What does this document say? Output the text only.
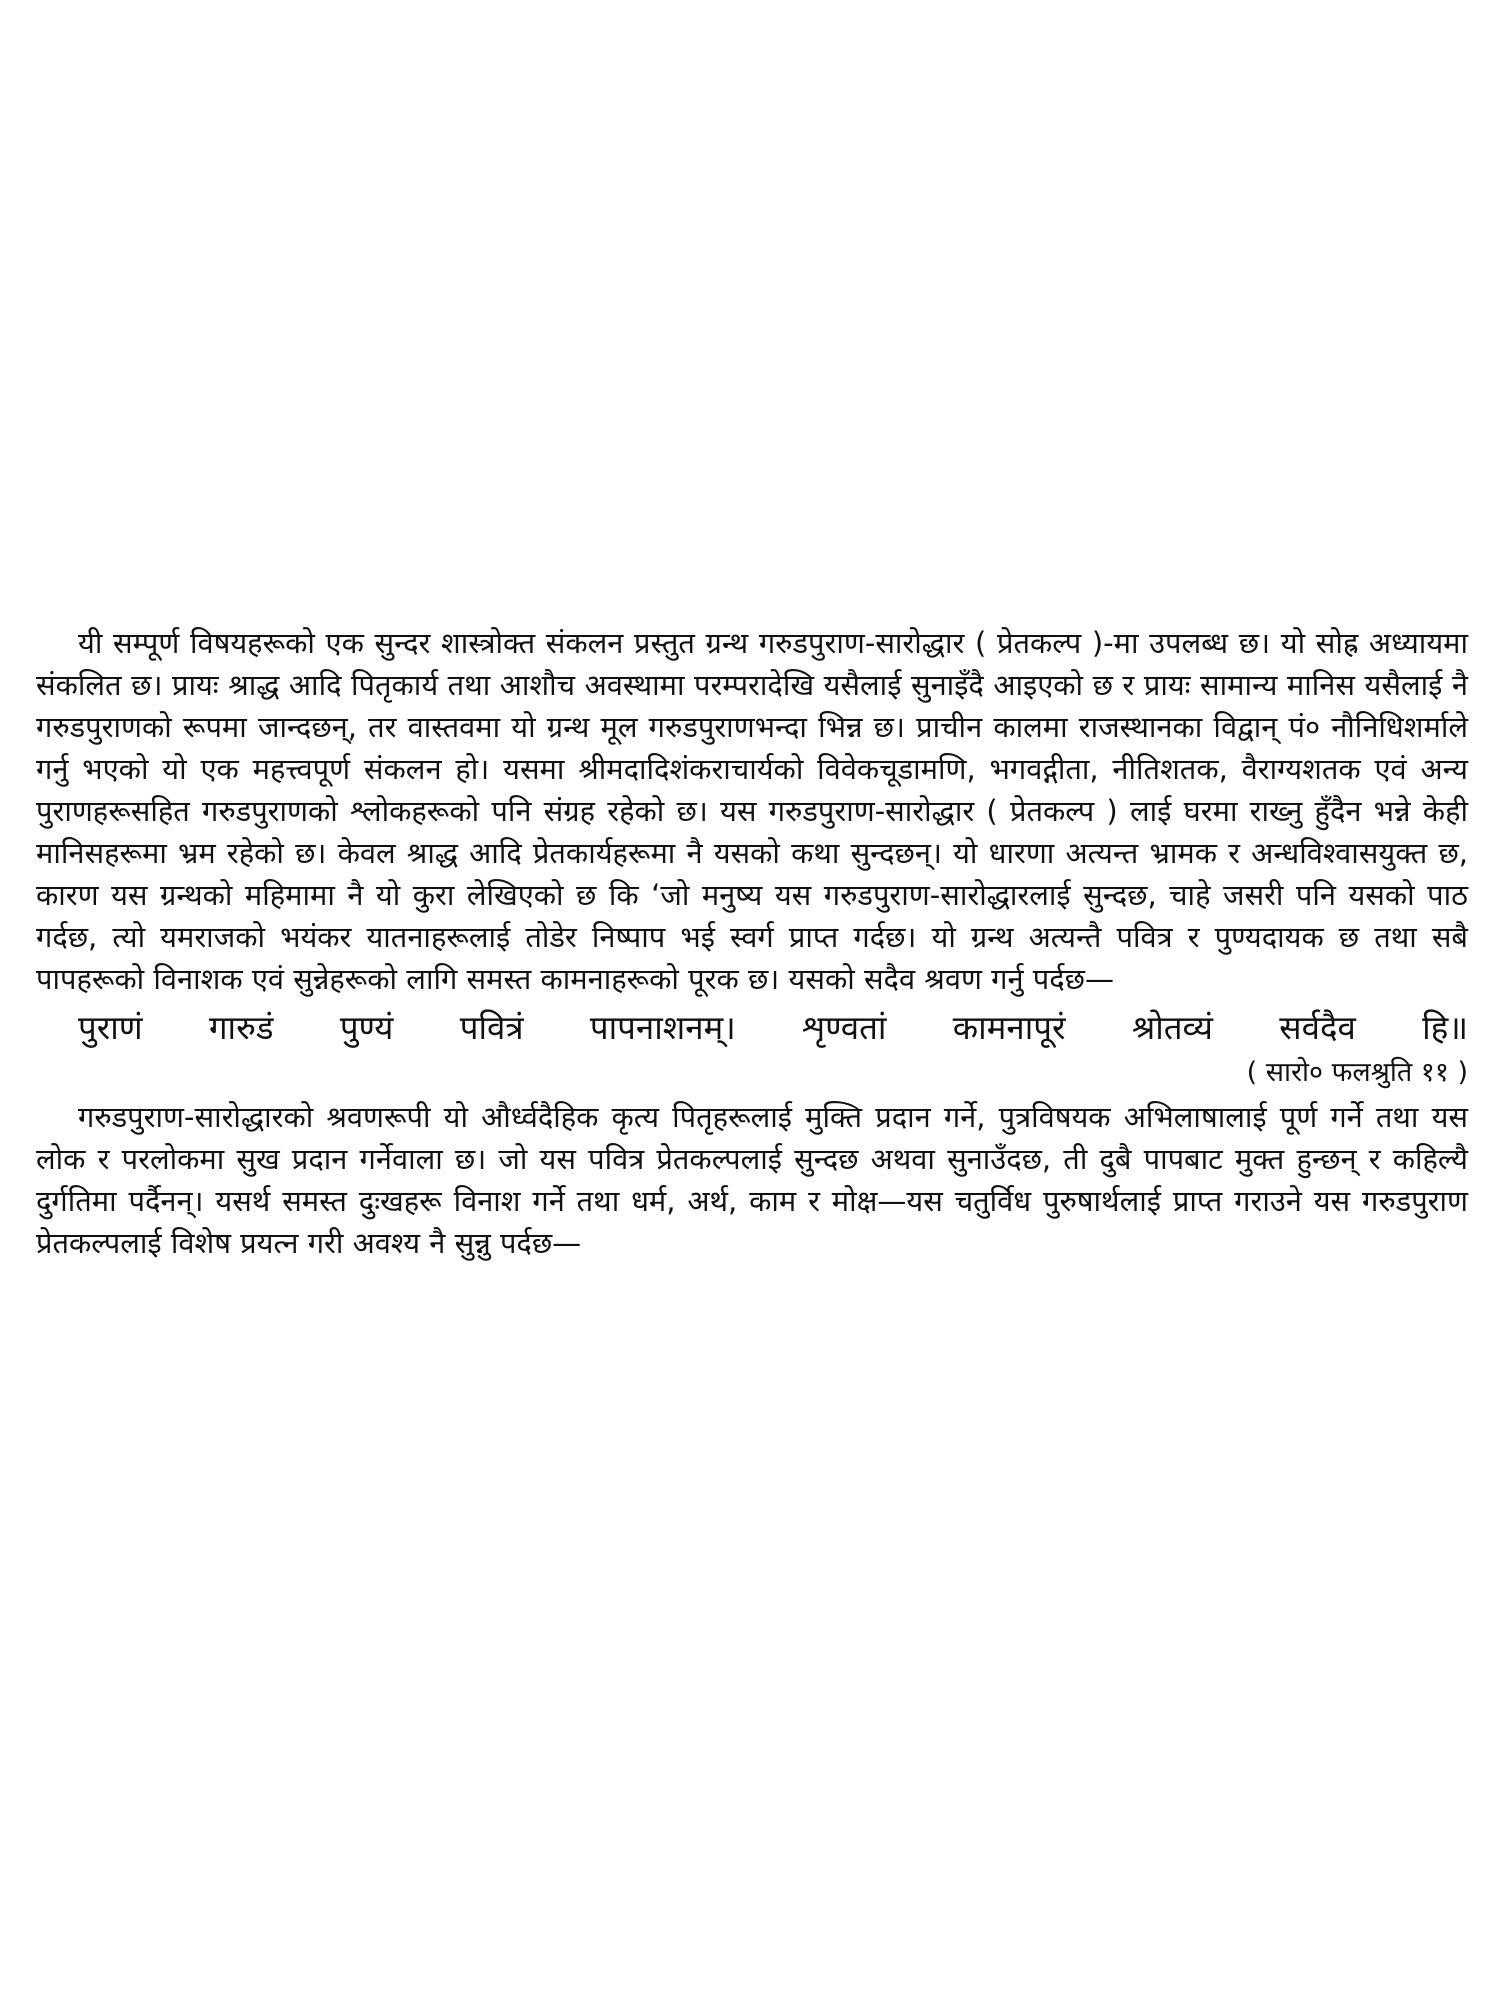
यी सम्पूर्ण विषयहरूको एक सुन्दर शास्त्रोक्त संकलन प्रस्तुत ग्रन्थ गरुडपुराण-सारोद्धार ( प्रेतकल्प )-मा उपलब्ध छ। यो सोह्र अध्यायमा संकलित छ। प्रायः श्राद्ध आदि पितृकार्य तथा आशौच अवस्थामा परम्परादेखि यसैलाई सुनाइँदै आइएको छ र प्रायः सामान्य मानिस यसैलाई नै गरुडपुराणको रूपमा जान्दछन्, तर वास्तवमा यो ग्रन्थ मूल गरुडपुराणभन्दा भिन्न छ। प्राचीन कालमा राजस्थानका विद्वान् पं० नौनिधिशर्माले गर्नु भएको यो एक महत्त्वपूर्ण संकलन हो। यसमा श्रीमदादिशंकराचार्यको विवेकचूडामणि, भगवद्गीता, नीतिशतक, वैराग्यशतक एवं अन्य पुराणहरूसहित गरुडपुराणको श्लोकहरूको पनि संग्रह रहेको छ। यस गरुडपुराण-सारोद्धार ( प्रेतकल्प ) लाई घरमा राख्नु हुँदैन भन्ने केही मानिसहरूमा भ्रम रहेको छ। केवल श्राद्ध आदि प्रेतकार्यहरूमा नै यसको कथा सुन्दछन्। यो धारणा अत्यन्त भ्रामक र अन्धविश्वासयुक्त छ, कारण यस ग्रन्थको महिमामा नै यो कुरा लेखिएको छ कि ‘जो मनुष्य यस गरुडपुराण-सारोद्धारलाई सुन्दछ, चाहे जसरी पनि यसको पाठ गर्दछ, त्यो यमराजको भयंकर यातनाहरूलाई तोडेर निष्पाप भई स्वर्ग प्राप्त गर्दछ। यो ग्रन्थ अत्यन्तै पवित्र र पुण्यदायक छ तथा सबै पापहरूको विनाशक एवं सुन्नेहरूको लागि समस्त कामनाहरूको पूरक छ। यसको सदैव श्रवण गर्नु पर्दछ—

पुराणं गारुडं पुण्यं पवित्रं पापनाशनम्। शृण्वतां कामनापूरं श्रोतव्यं सर्वदैव हि॥

( सारो० फलश्रुति ११ )

गरुडपुराण-सारोद्धारको श्रवणरूपी यो और्ध्वदैहिक कृत्य पितृहरूलाई मुक्ति प्रदान गर्ने, पुत्रविषयक अभिलाषालाई पूर्ण गर्ने तथा यस लोक र परलोकमा सुख प्रदान गर्नेवाला छ। जो यस पवित्र प्रेतकल्पलाई सुन्दछ अथवा सुनाउँदछ, ती दुबै पापबाट मुक्त हुन्छन् र कहिल्यै दुर्गतिमा पर्दैनन्। यसर्थ समस्त दुःखहरू विनाश गर्ने तथा धर्म, अर्थ, काम र मोक्ष—यस चतुर्विध पुरुषार्थलाई प्राप्त गराउने यस गरुडपुराण प्रेतकल्पलाई विशेष प्रयत्न गरी अवश्य नै सुन्नु पर्दछ—
